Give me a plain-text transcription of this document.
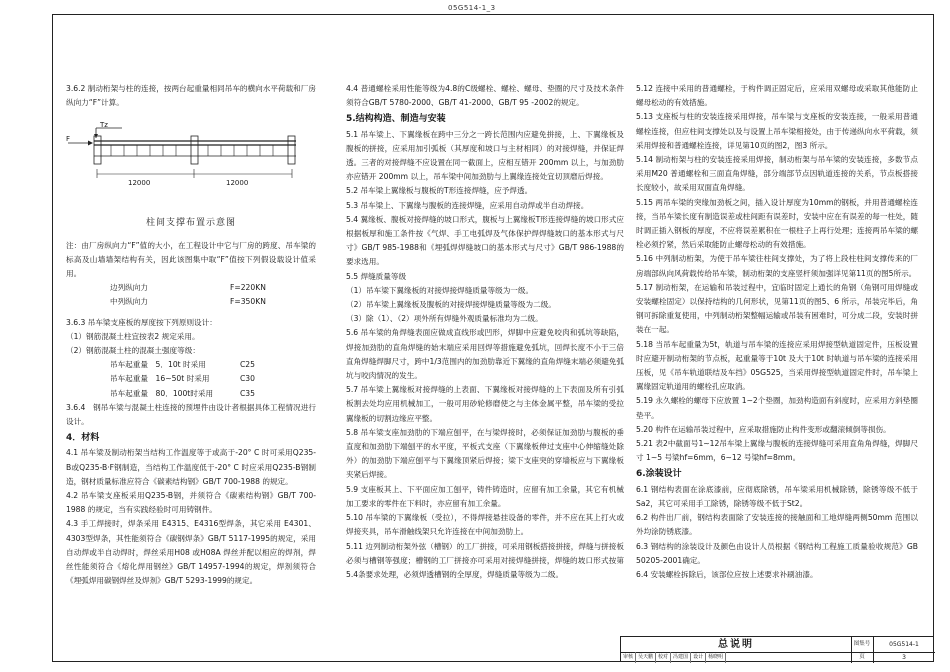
05G514-1_3

3.6.2 制动桁架与柱的连接，按两台起重量相同吊车的横向水平荷载和厂房纵向力“F”计算。

F
Tz
12000	12000
柱间支撑布置示意图

注：由厂房纵向力“F”值的大小，在工程设计中它与厂房的跨度、吊车梁的标高及山墙墙架结构有关，因此该图集中取“F”值按下列假设载设计值采用。

边列纵向力	F=220KN
中列纵向力	F=350KN

3.6.3 吊车梁支座板的厚度按下列原则设计：

（1）钢筋混凝土柱宜按表2 规定采用。

（2）钢筋混凝土柱的混凝土强度等级：

吊车起重量　5．10t 时采用	C25
吊车起重量　16~50t 时采用	C30
吊车起重量　80．100t时采用	C35

3.6.4　钢吊车梁与混凝土柱连接的预埋件由设计者根据具体工程情况进行设计。

4．材料

4.1 吊车梁及制动桁架当结构工作温度等于或高于-20° C 时可采用Q235-B或Q235-B·F钢制造，当结构工作温度低于-20° C 时应采用Q235-B钢制造，钢材质量标准应符合《碳素结构钢》GB/T 700-1988 的规定。

4.2 吊车梁支座板采用Q235-B钢，并须符合《碳素结构钢》GB/T 700-1988 的规定，当有实践经验时可用铸钢件。

4.3 手工焊接时，焊条采用 E4315、E4316型焊条，其它采用 E4301、4303型焊条，其性能须符合《碳钢焊条》GB/T 5117-1995的规定，采用自动焊或半自动焊时，焊丝采用H08 或H08A 焊丝并配以相应的焊剂，焊丝性能须符合《熔化焊用钢丝》GB/T 14957-1994的规定，焊剂须符合《埋弧焊用碳钢焊丝及焊剂》GB/T 5293-1999的规定。

4.4 普通螺栓采用性能等级为4.8的C级螺栓、螺栓、螺母、垫圈的尺寸及技术条件须符合GB/T 5780-2000、GB/T 41-2000、GB/T 95 -2002的规定。

5.结构构造、制造与安装

5.1 吊车梁上、下翼缘板在跨中三分之一跨长范围内应避免拼接，上、下翼缘板及腹板的拼接，应采用加引弧板（其厚度和坡口与主材相同）的对接焊缝，并保证焊透。三者的对接焊缝不应设置在同一截面上，应相互错开 200mm 以上，与加劲肋亦应错开 200mm 以上，吊车梁中间加劲肋与上翼缘连接处宜切顶磨后焊接。

5.2 吊车梁上翼缘板与腹板的T形连接焊缝，应予焊透。

5.3 吊车梁上、下翼缘与腹板的连接焊缝，应采用自动焊或半自动焊接。

5.4 翼缘板、腹板对接焊缝的坡口形式，腹板与上翼缘板T形连接焊缝的坡口形式应根据板厚和施工条件按《气焊、手工电弧焊及气体保护焊焊缝坡口的基本形式与尺寸》GB/T 985-1988和《埋弧焊焊缝坡口的基本形式与尺寸》GB/T 986-1988的要求选用。

5.5 焊缝质量等级

（1）吊车梁下翼缘板的对接焊接焊缝质量等级为一级。

（2）吊车梁上翼缘板及腹板的对接焊接焊缝质量等级为二级。

（3）除（1）、（2）项外所有焊缝外观质量标准均为二级。

5.6 吊车梁的角焊缝表面应做成直线形或凹形，焊脚中应避免咬肉和弧坑等缺陷，焊接加劲肋的直角焊缝的始末端应采用回焊等措施避免弧坑，回焊长度不小于三倍直角焊缝焊脚尺寸，跨中1/3范围内的加劲肋靠近下翼缘的直角焊缝末端必须避免弧坑与咬肉情况的发生。

5.7 吊车梁上翼缘板对接焊缝的上表面、下翼缘板对接焊缝的上下表面及所有引弧板割去处均应用机械加工，一般可用砂轮修磨使之与主体金属平整，吊车梁的受拉翼缘板的切割边缘应平整。

5.8 吊车梁支座加劲肋的下端应刨平，在与梁焊接时，必须保证加劲肋与腹板的垂直度和加劲肋下端刨平的水平度，平板式支座（下翼缘板伸过支座中心伸缩缝处除外）的加劲肋下端应刨平与下翼缘顶紧后焊接；梁下支座突的穿墙板应与下翼缘板夹紧后焊接。

5.9 支座板其上、下平面应加工刨平，铸件铸造时，应留有加工余量，其它有机械加工要求的零件在下料时，亦应留有加工余量。

5.10 吊车梁的下翼缘板（受拉），不得焊接悬挂设备的零件，并不应在其上打火或焊接夹具，吊车滑触线架只允许连接在中间加劲肋上。

5.11 边列制动桁架外弦（槽钢）的工厂拼接，可采用钢板搭接拼接，焊缝与拼接板必须与槽钢等强度；槽钢的工厂拼接亦可采用对接焊缝拼接，焊缝的坡口形式按第5.4条要求处理，必须焊透槽钢的全厚度，焊缝质量等级为二级。

5.12 连接中采用的普通螺栓，于构件调正固定后，应采用双螺母或采取其他能防止螺母松动的有效措施。

5.13 支座板与柱的安装连接采用焊接，吊车梁与支座板的安装连接，一般采用普通螺栓连接，但应柱间支撑处以及与设置上吊车梁相接处，由于传递纵向水平荷载，须采用焊接和普通螺栓连接，详见第10页的图2，图3 所示。

5.14 制动桁架与柱的安装连接采用焊接，制动桁架与吊车梁的安装连接，多数节点采用M20 普通螺栓和三面直角焊缝，部分端部节点因轨道连接的关系，节点板搭接长度较小，故采用双面直角焊缝。

5.15 两吊车梁的突缘加劲板之间，插入设计厚度为10mm的钢板，并用普通螺栓连接，当吊车梁长度有制造误差或柱间距有误差时，安装中应在有误差的每一柱处，随时调正插入钢板的厚度，不应将误差累积在一根柱子上再行处理；连接两吊车梁的螺栓必须拧紧，然后采取能防止螺母松动的有效措施。

5.16 中列制动桁架，为使于吊车梁往柱间支撑处，为了将上段柱柱间支撑传来的厂房端部纵向风荷载传给吊车梁，制动桁架的支座竖杆须加强详见第11页的图5所示。

5.17 制动桁架，在运输和吊装过程中，宜临时固定上通长的角钢（角钢可用焊缝或安装螺栓固定）以保持结构的几何形状，见第11页的图5、6 所示，吊装完毕后，角钢可拆除重复使用，中列制动桁架整幅运输或吊装有困难时，可分成二段，安装时拼装在一起。

5.18 当吊车起重量为5t，轨道与吊车梁的连接应采用焊接型轨道固定件，压板设置时应避开制动桁架的节点板，起重量等于10t 及大于10t 时轨道与吊车梁的连接采用压板，见《吊车轨道联结及车挡》05G525，当采用焊接型轨道固定件时，吊车梁上翼缘固定轨道用的螺栓孔应取消。

5.19 永久螺栓的螺母下应放置 1~2个垫圈，加劲构造面有斜度时，应采用方斜垫圈垫平。

5.20 构件在运输吊装过程中，应采取措施防止构件变形或翻滚倾倒等损伤。

5.21 表2中截面号1~12吊车梁上翼缘与腹板的连接焊缝可采用直角角焊缝，焊脚尺寸 1~5 号梁hf=6mm，6~12 号梁hf=8mm。

6.涂装设计

6.1 钢结构表面在涂底漆前，应彻底除锈，吊车梁采用机械除锈，除锈等级不低于Sa2，其它可采用手工除锈，除锈等级不低于St2。

6.2 构件出厂前，钢结构表面除了安装连接的接触面和工地焊缝两侧50mm 范围以外均涂防锈底漆。

6.3 钢结构的涂装设计及颜色由设计人员根据《钢结构工程施工质量验收规范》GB 50205-2001确定。

6.4 安装螺栓拆除后，该部位应按上述要求补刷油漆。

总说明	图集号	05G514-1
审核	吴天鹏	校对	冯建国	设计	杨晓明	页	3
